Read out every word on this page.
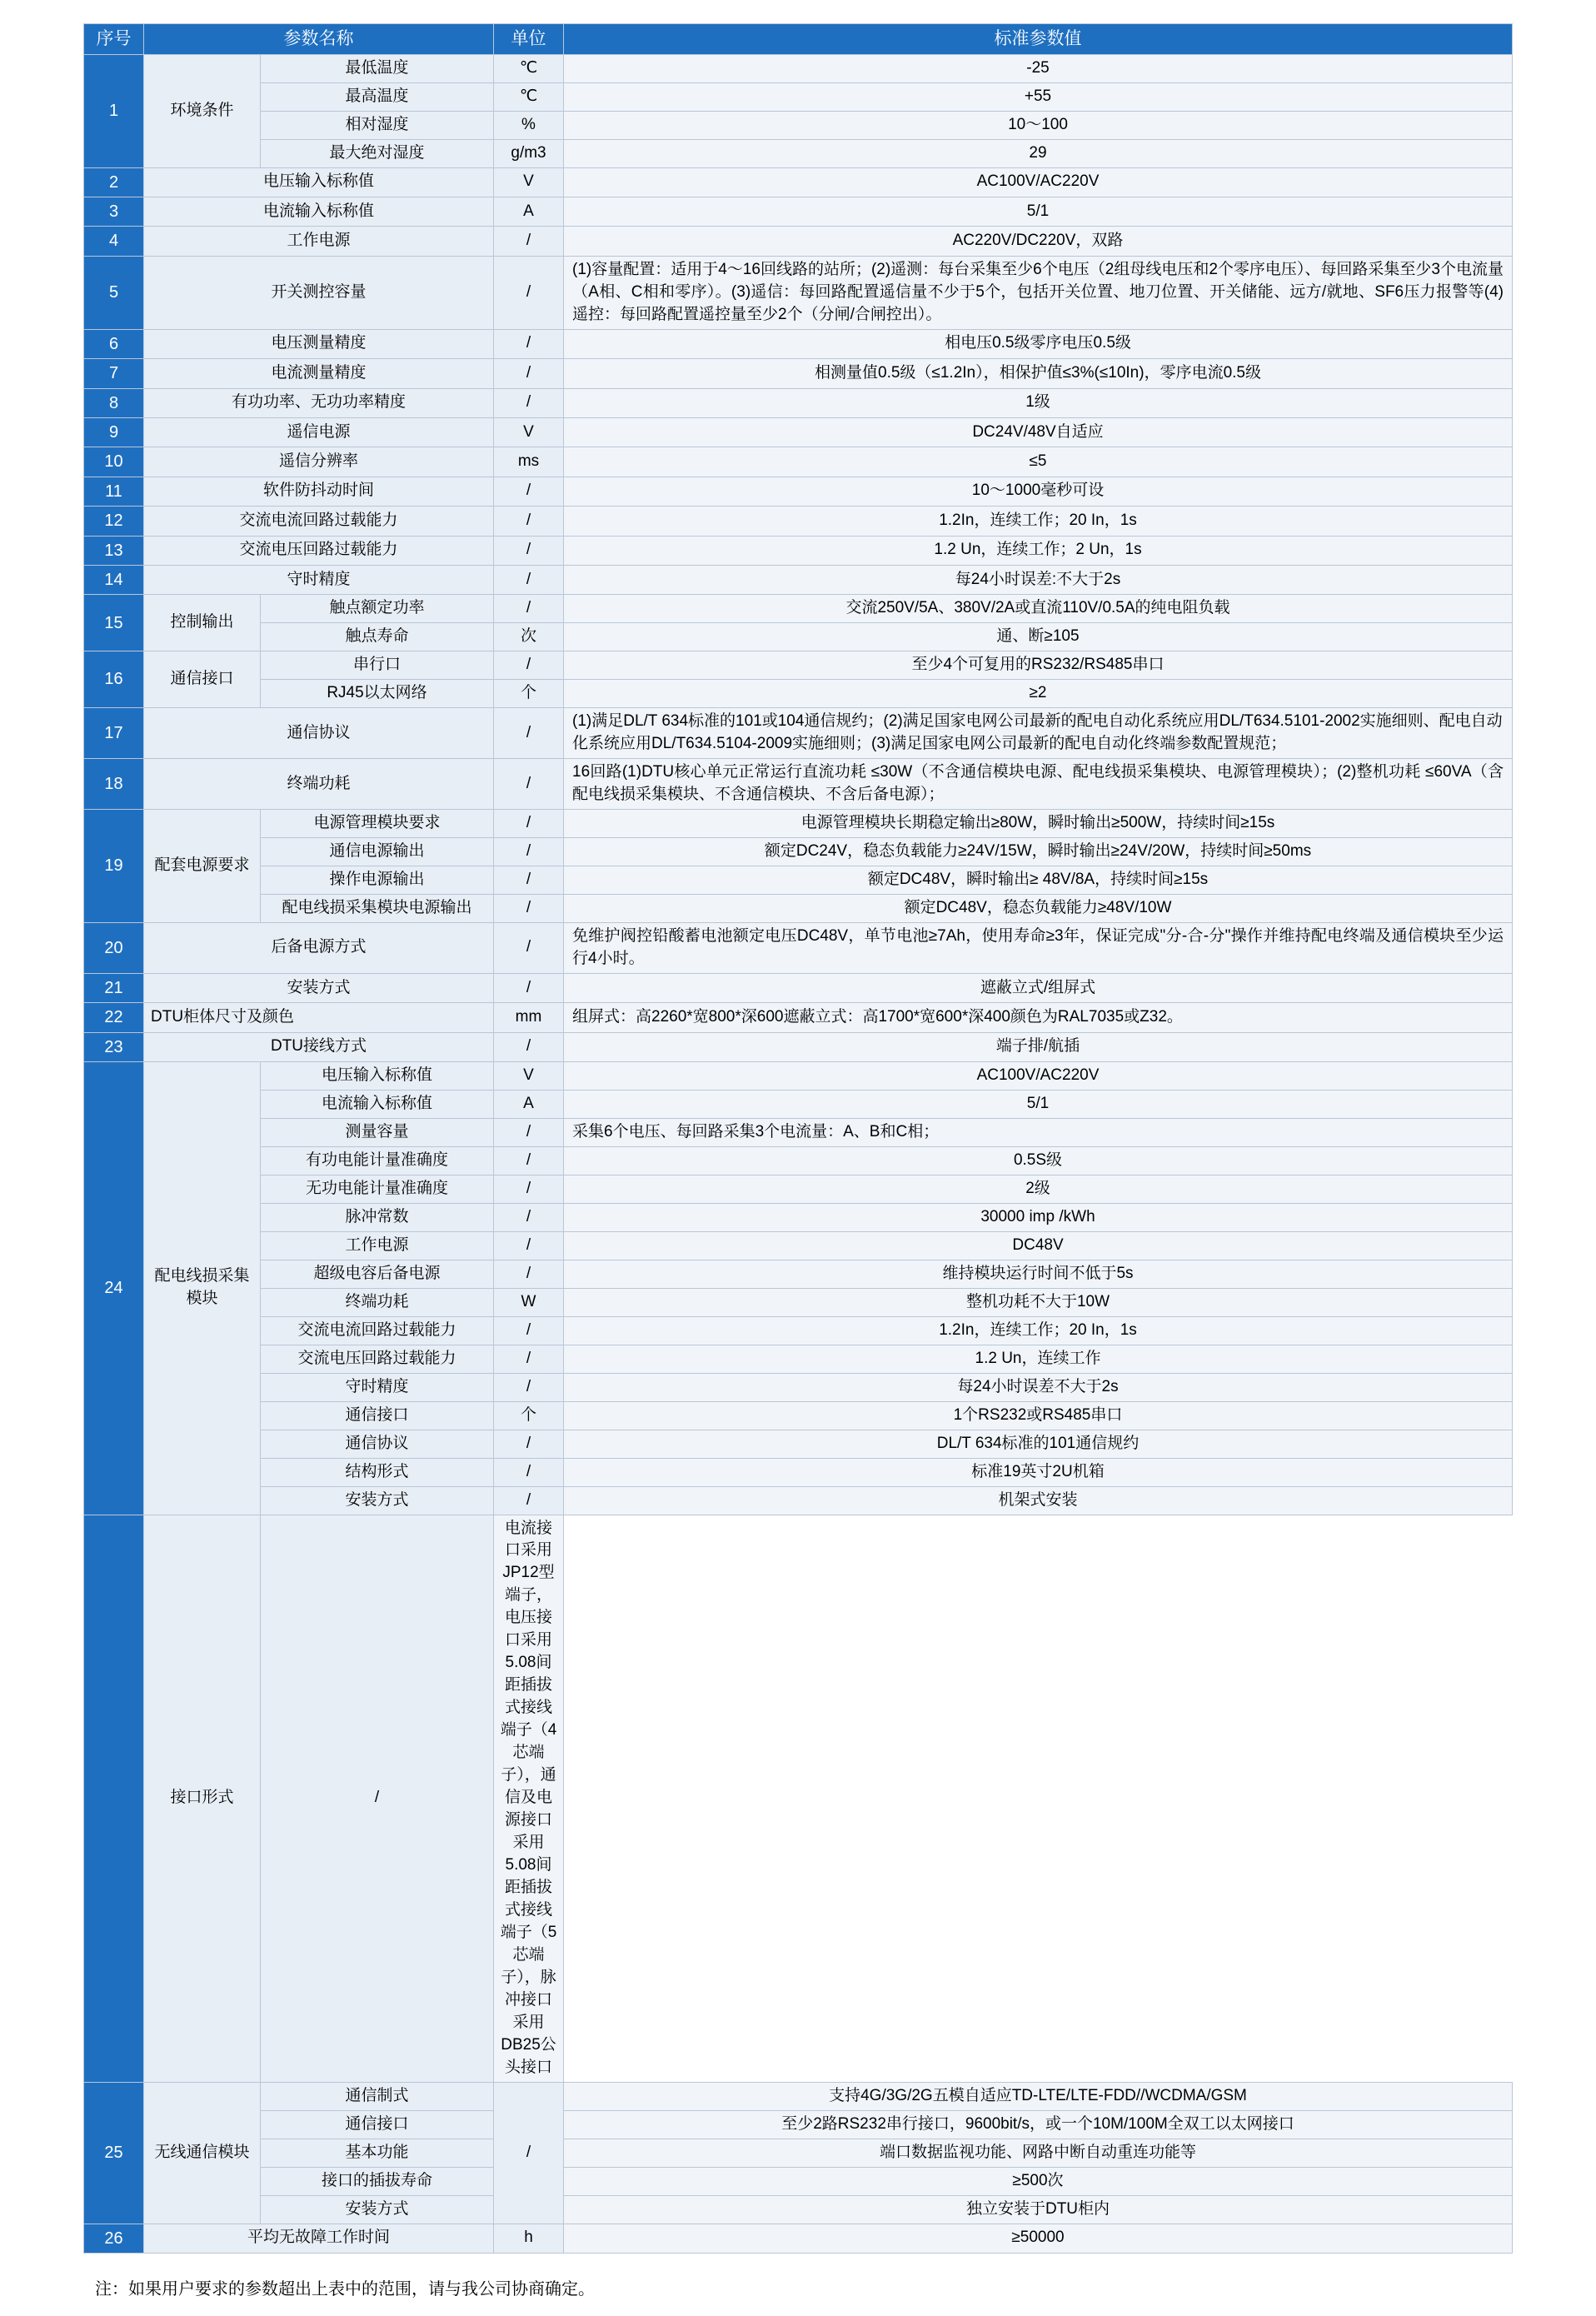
序号	参数名称		单位	标准参数值
1	环境条件	最低温度	℃	-25
		最高温度	℃	+55
		相对湿度	%	10～100
		最大绝对湿度	g/m3	29
2	电压输入标称值		V	AC100V/AC220V
3	电流输入标称值		A	5/1
4	工作电源		/	AC220V/DC220V，双路
5	开关测控容量		/	(1)容量配置：适用于4～16回线路的站所；(2)遥测：每台采集至少6个电压（2组母线电压和2个零序电压）、每回路采集至少3个电流量（A相、C相和零序）。(3)遥信：每回路配置遥信量不少于5个，包括开关位置、地刀位置、开关储能、远方/就地、SF6压力报警等(4)遥控：每回路配置遥控量至少2个（分闸/合闸控出）。
6	电压测量精度		/	相电压0.5级零序电压0.5级
7	电流测量精度		/	相测量值0.5级（≤1.2In），相保护值≤3%(≤10In)，零序电流0.5级
8	有功功率、无功功率精度		/	1级
9	遥信电源		V	DC24V/48V自适应
10	遥信分辨率		ms	≤5
11	软件防抖动时间		/	10～1000毫秒可设
12	交流电流回路过载能力		/	1.2In，连续工作；20 In，1s
13	交流电压回路过载能力		/	1.2 Un，连续工作；2 Un，1s
14	守时精度		/	每24小时误差:不大于2s
15	控制输出	触点额定功率	/	交流250V/5A、380V/2A或直流110V/0.5A的纯电阻负载
		触点寿命	次	通、断≥105
16	通信接口	串行口	/	至少4个可复用的RS232/RS485串口
		RJ45以太网络	个	≥2
17	通信协议		/	(1)满足DL/T 634标准的101或104通信规约；(2)满足国家电网公司最新的配电自动化系统应用DL/T634.5101-2002实施细则、配电自动化系统应用DL/T634.5104-2009实施细则；(3)满足国家电网公司最新的配电自动化终端参数配置规范；
18	终端功耗		/	16回路(1)DTU核心单元正常运行直流功耗 ≤30W（不含通信模块电源、配电线损采集模块、电源管理模块）；(2)整机功耗 ≤60VA（含配电线损采集模块、不含通信模块、不含后备电源）；
19	配套电源要求	电源管理模块要求	/	电源管理模块长期稳定输出≥80W，瞬时输出≥500W，持续时间≥15s
		通信电源输出	/	额定DC24V，稳态负载能力≥24V/15W，瞬时输出≥24V/20W，持续时间≥50ms
		操作电源输出	/	额定DC48V，瞬时输出≥ 48V/8A，持续时间≥15s
		配电线损采集模块电源输出	/	额定DC48V，稳态负载能力≥48V/10W
20	后备电源方式		/	免维护阀控铅酸蓄电池额定电压DC48V，单节电池≥7Ah，使用寿命≥3年，保证完成"分-合-分"操作并维持配电终端及通信模块至少运行4小时。
21	安装方式		/	遮蔽立式/组屏式
22	DTU柜体尺寸及颜色		mm	组屏式：高2260*宽800*深600遮蔽立式：高1700*宽600*深400颜色为RAL7035或Z32。
23	DTU接线方式		/	端子排/航插
24	配电线损采集模块	电压输入标称值	V	AC100V/AC220V
		电流输入标称值	A	5/1
		测量容量	/	采集6个电压、每回路采集3个电流量：A、B和C相；
		有功电能计量准确度	/	0.5S级
		无功电能计量准确度	/	2级
		脉冲常数	/	30000 imp /kWh
		工作电源	/	DC48V
		超级电容后备电源	/	维持模块运行时间不低于5s
		终端功耗	W	整机功耗不大于10W
		交流电流回路过载能力	/	1.2In，连续工作；20 In，1s
		交流电压回路过载能力	/	1.2 Un，连续工作
		守时精度	/	每24小时误差不大于2s
		通信接口	个	1个RS232或RS485串口
		通信协议	/	DL/T 634标准的101通信规约
		结构形式	/	标准19英寸2U机箱
		安装方式	/	机架式安装
	接口形式	/	电流接口采用JP12型端子，电压接口采用5.08间距插拔式接线端子（4芯端子），通信及电源接口采用5.08间距插拔式接线端子（5芯端子），脉冲接口采用DB25公头接口	
25	无线通信模块	通信制式	/	支持4G/3G/2G五模自适应TD-LTE/LTE-FDD//WCDMA/GSM
		通信接口		至少2路RS232串行接口，9600bit/s，或一个10M/100M全双工以太网接口
		基本功能		端口数据监视功能、网路中断自动重连功能等
		接口的插拔寿命		≥500次
		安装方式		独立安装于DTU柜内
26	平均无故障工作时间		h	≥50000
注：如果用户要求的参数超出上表中的范围，请与我公司协商确定。
